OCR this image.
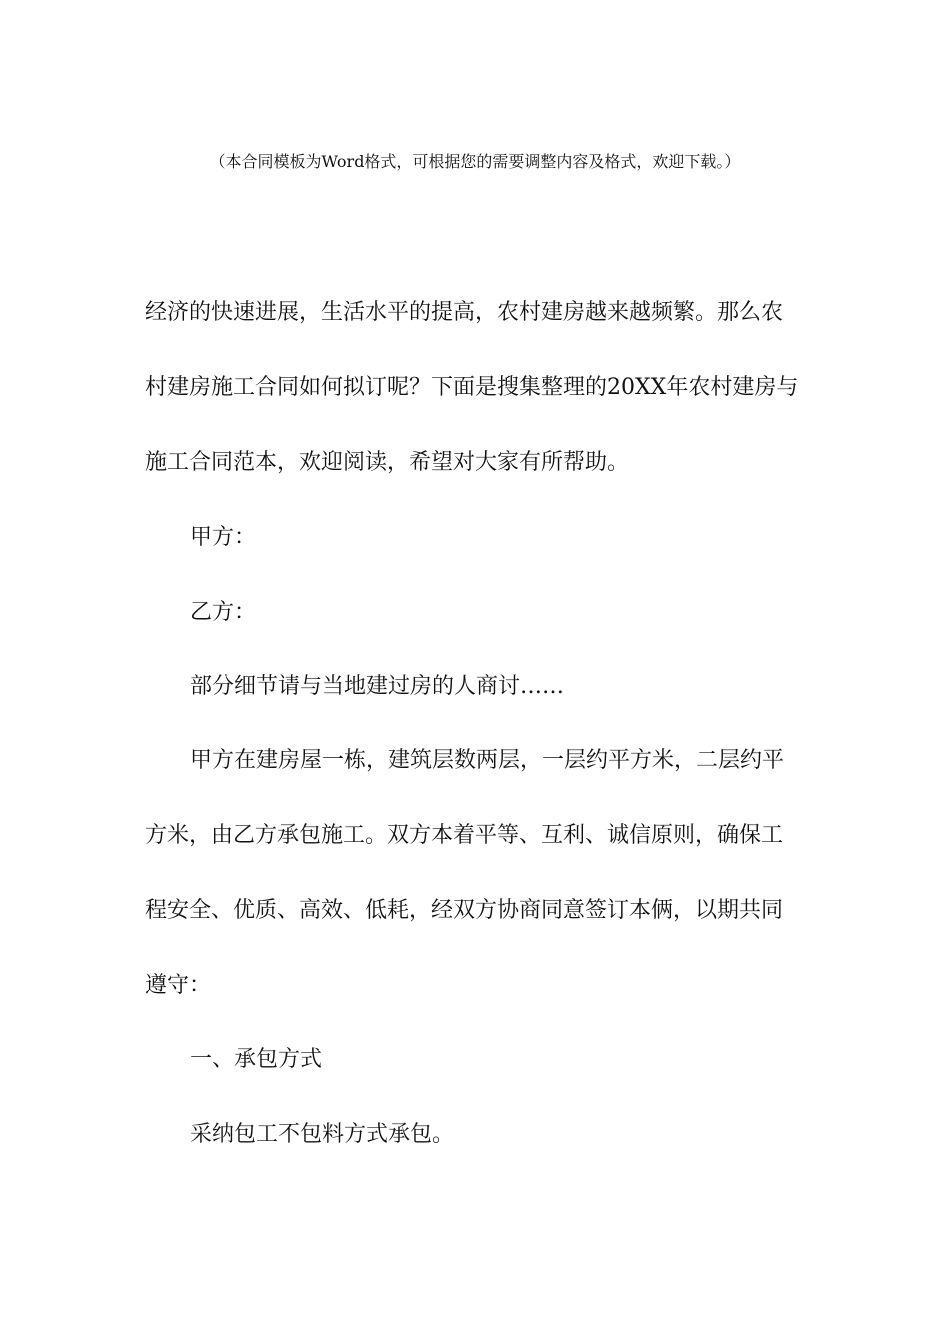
（本合同模板为Word格式，可根据您的需要调整内容及格式，欢迎下载。）
经济的快速进展，生活水平的提高，农村建房越来越频繁。那么农
村建房施工合同如何拟订呢？下面是搜集整理的20XX年农村建房与
施工合同范本，欢迎阅读，希望对大家有所帮助。
甲方：
乙方：
部分细节请与当地建过房的人商讨……
甲方在建房屋一栋，建筑层数两层，一层约平方米，二层约平
方米，由乙方承包施工。双方本着平等、互利、诚信原则，确保工
程安全、优质、高效、低耗，经双方协商同意签订本俩，以期共同
遵守：
一、承包方式
采纳包工不包料方式承包。
